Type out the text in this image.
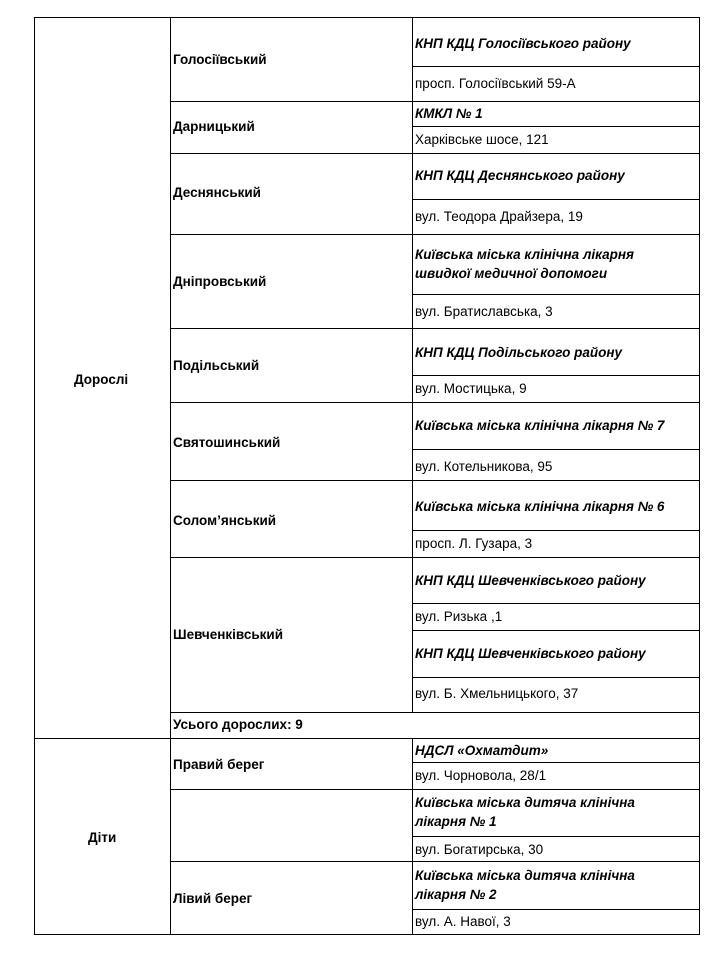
Дорослі
Діти
Голосіївський
Дарницький
Деснянський
Дніпровський
Подільський
Святошинський
Солом’янський
Шевченківський
КНП КДЦ Голосіївського району
просп. Голосіївський 59-А
КМКЛ № 1
Харківське шосе, 121
КНП КДЦ Деснянського району
вул. Теодора Драйзера, 19
Київська міська клінічна лікарня
швидкої медичної допомоги
вул. Братиславська, 3
КНП КДЦ Подільського району
вул. Мостицька, 9
Київська міська клінічна лікарня № 7
вул. Котельникова, 95
Київська міська клінічна лікарня № 6
просп. Л. Гузара, 3
КНП КДЦ Шевченківського району
вул. Ризька ,1
КНП КДЦ Шевченківського району
вул. Б. Хмельницького, 37
Усього дорослих: 9
Правий берег
НДСЛ «Охматдит»
вул. Чорновола, 28/1
Київська міська дитяча клінічна
лікарня № 1
вул. Богатирська, 30
Лівий берег
Київська міська дитяча клінічна
лікарня № 2
вул. А. Навої, 3
